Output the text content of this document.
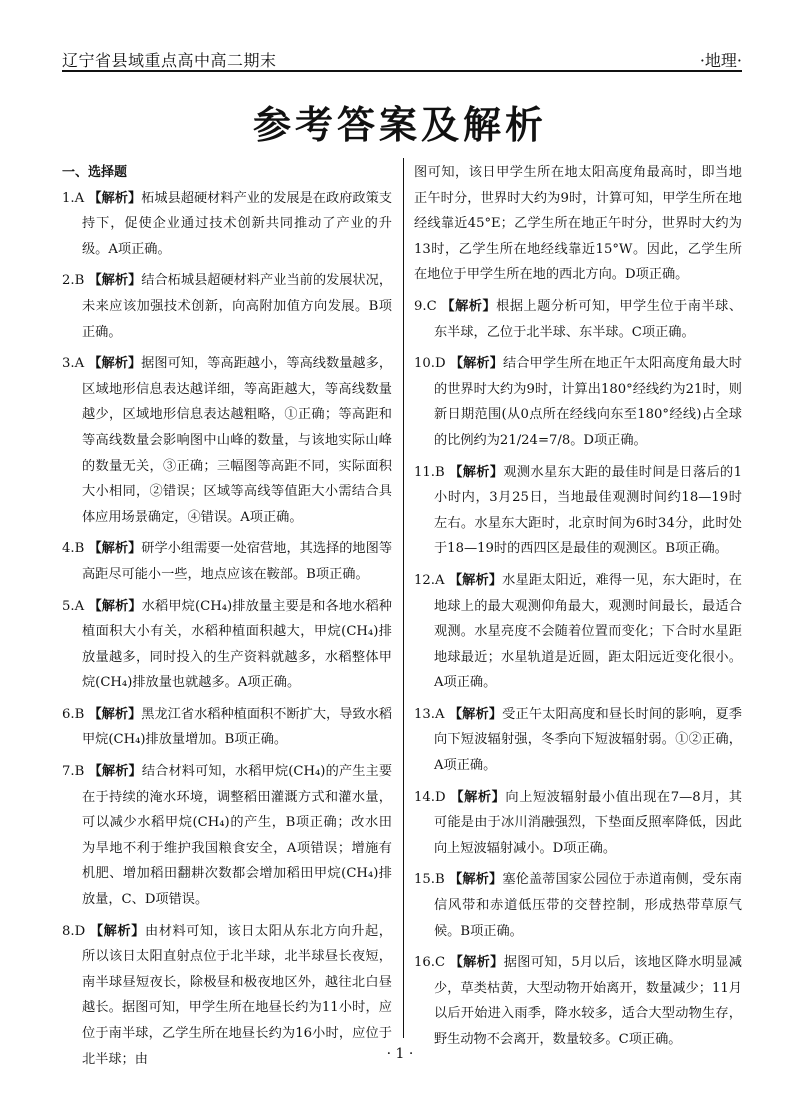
辽宁省县域重点高中高二期末	·地理·
参考答案及解析
一、选择题
1.A 【解析】柘城县超硬材料产业的发展是在政府政策支持下，促使企业通过技术创新共同推动了产业的升级。A项正确。
2.B 【解析】结合柘城县超硬材料产业当前的发展状况，未来应该加强技术创新，向高附加值方向发展。B项正确。
3.A 【解析】据图可知，等高距越小，等高线数量越多，区域地形信息表达越详细，等高距越大，等高线数量越少，区域地形信息表达越粗略，①正确；等高距和等高线数量会影响图中山峰的数量，与该地实际山峰的数量无关，③正确；三幅图等高距不同，实际面积大小相同，②错误；区域等高线等值距大小需结合具体应用场景确定，④错误。A项正确。
4.B 【解析】研学小组需要一处宿营地，其选择的地图等高距尽可能小一些，地点应该在鞍部。B项正确。
5.A 【解析】水稻甲烷(CH₄)排放量主要是和各地水稻种植面积大小有关，水稻种植面积越大，甲烷(CH₄)排放量越多，同时投入的生产资料就越多，水稻整体甲烷(CH₄)排放量也就越多。A项正确。
6.B 【解析】黑龙江省水稻种植面积不断扩大，导致水稻甲烷(CH₄)排放量增加。B项正确。
7.B 【解析】结合材料可知，水稻甲烷(CH₄)的产生主要在于持续的淹水环境，调整稻田灌溉方式和灌水量，可以减少水稻甲烷(CH₄)的产生，B项正确；改水田为旱地不利于维护我国粮食安全，A项错误；增施有机肥、增加稻田翻耕次数都会增加稻田甲烷(CH₄)排放量，C、D项错误。
8.D 【解析】由材料可知，该日太阳从东北方向升起，所以该日太阳直射点位于北半球，北半球昼长夜短，南半球昼短夜长，除极昼和极夜地区外，越往北白昼越长。据图可知，甲学生所在地昼长约为11小时，应位于南半球，乙学生所在地昼长约为16小时，应位于北半球；由
图可知，该日甲学生所在地太阳高度角最高时，即当地正午时分，世界时大约为9时，计算可知，甲学生所在地经线靠近45°E；乙学生所在地正午时分，世界时大约为13时，乙学生所在地经线靠近15°W。因此，乙学生所在地位于甲学生所在地的西北方向。D项正确。
9.C 【解析】根据上题分析可知，甲学生位于南半球、东半球，乙位于北半球、东半球。C项正确。
10.D 【解析】结合甲学生所在地正午太阳高度角最大时的世界时大约为9时，计算出180°经线约为21时，则新日期范围(从0点所在经线向东至180°经线)占全球的比例约为21/24=7/8。D项正确。
11.B 【解析】观测水星东大距的最佳时间是日落后的1小时内，3月25日，当地最佳观测时间约18—19时左右。水星东大距时，北京时间为6时34分，此时处于18—19时的西四区是最佳的观测区。B项正确。
12.A 【解析】水星距太阳近，难得一见，东大距时，在地球上的最大观测仰角最大，观测时间最长，最适合观测。水星亮度不会随着位置而变化；下合时水星距地球最近；水星轨道是近圆，距太阳远近变化很小。A项正确。
13.A 【解析】受正午太阳高度和昼长时间的影响，夏季向下短波辐射强，冬季向下短波辐射弱。①②正确，A项正确。
14.D 【解析】向上短波辐射最小值出现在7—8月，其可能是由于冰川消融强烈，下垫面反照率降低，因此向上短波辐射减小。D项正确。
15.B 【解析】塞伦盖蒂国家公园位于赤道南侧，受东南信风带和赤道低压带的交替控制，形成热带草原气候。B项正确。
16.C 【解析】据图可知，5月以后，该地区降水明显减少，草类枯黄，大型动物开始离开，数量减少；11月以后开始进入雨季，降水较多，适合大型动物生存，野生动物不会离开，数量较多。C项正确。
· 1 ·
